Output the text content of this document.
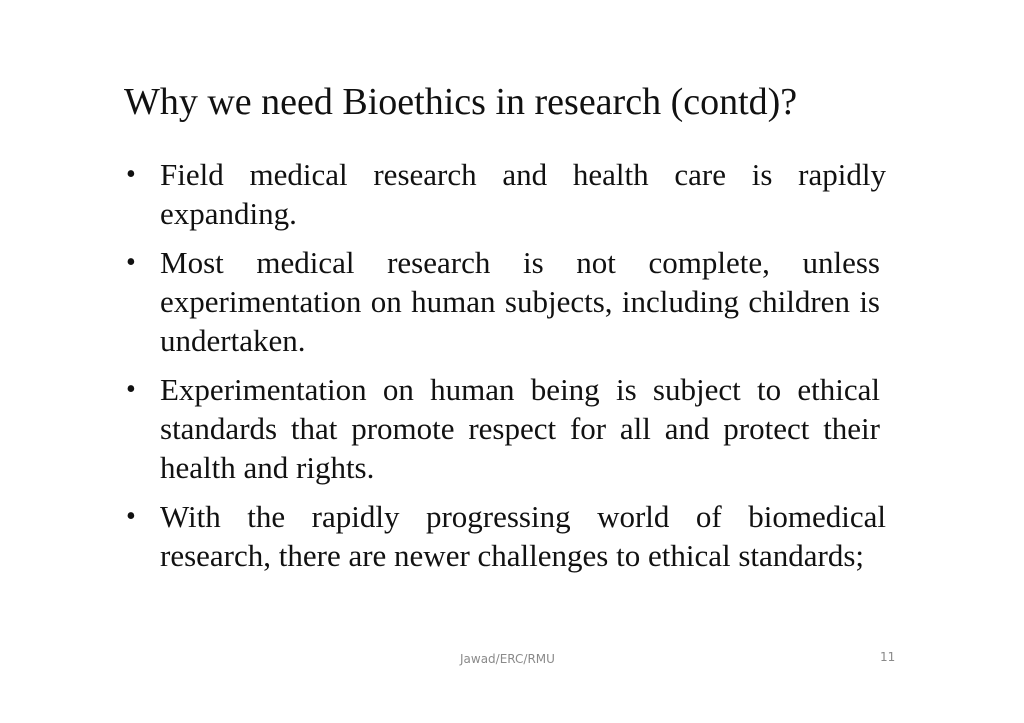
Why we need Bioethics in research (contd)?
• Field medical research and health care is rapidly expanding.
• Most medical research is not complete, unless experimentation on human subjects, including children is undertaken.
• Experimentation on human being is subject to ethical standards that promote respect for all and protect their health and rights.
• With the rapidly progressing world of biomedical research, there are newer challenges to ethical standards;
Jawad/ERC/RMU	11
